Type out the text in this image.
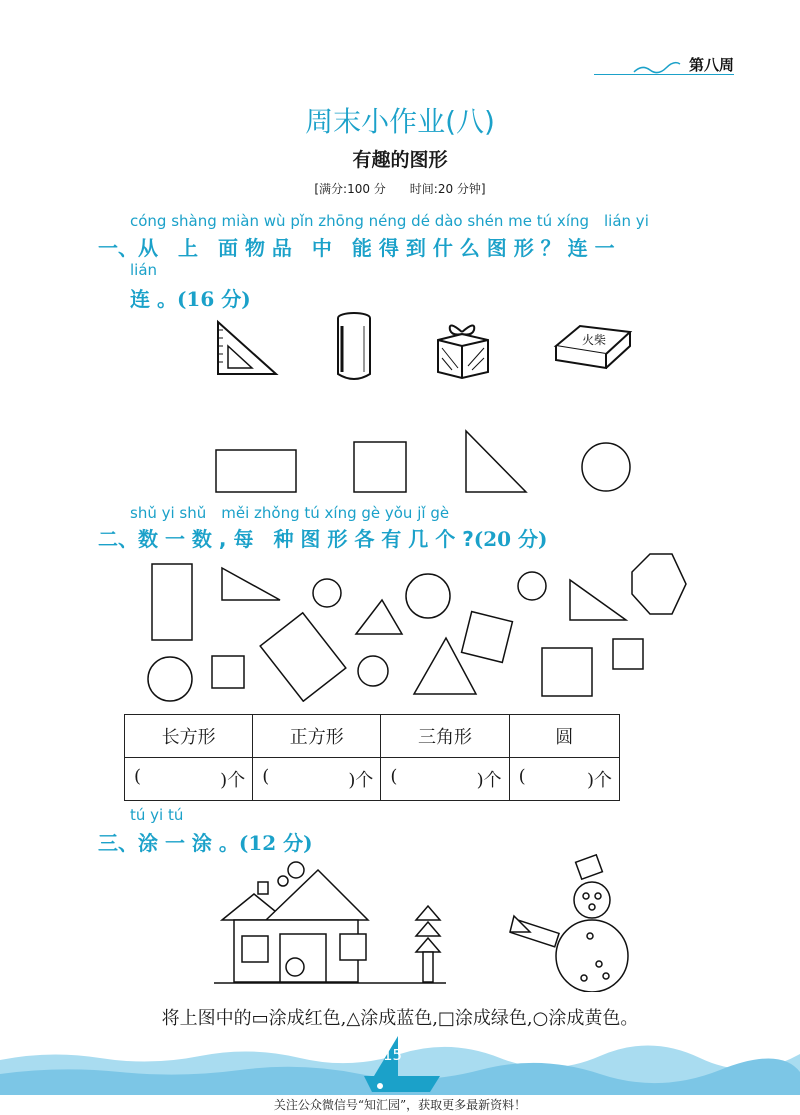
第八周
周末小作业(八)
有趣的图形
[满分:100 分　　时间:20 分钟]
cóng shàng miàn wù pǐn zhōng néng dé dào shén me tú xíng　lián yi
一、从　上　面 物 品　中　能 得 到 什 么 图 形 ？ 连 一
lián
连 。(16 分)
火柴
shǔ yi shǔ　měi zhǒng tú xíng gè yǒu jǐ gè
二、数 一 数 , 每　种 图 形 各 有 几 个 ?(20 分)
长方形	正方形	三角形	圆

( )个	( )个	( )个	( )个
tú yi tú
三、涂 一 涂 。(12 分)
将上图中的▭涂成红色,△涂成蓝色,□涂成绿色,○涂成黄色。
15
关注公众微信号“知汇园”，获取更多最新资料！
